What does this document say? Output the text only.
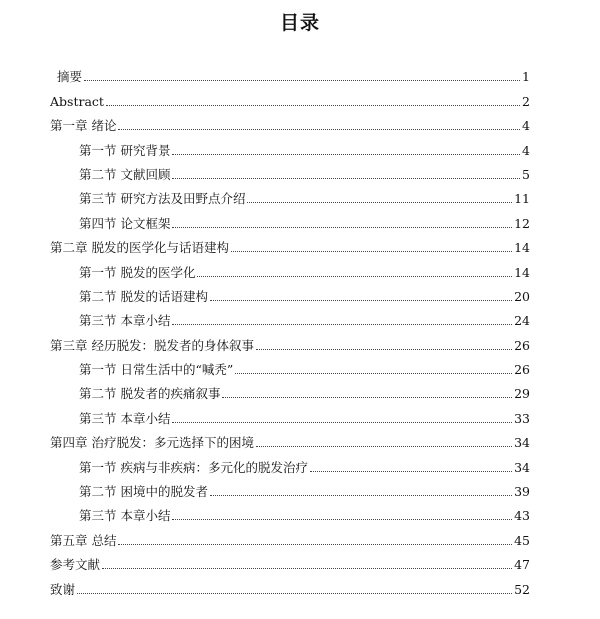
目录
摘要	1
Abstract	2
第一章 绪论	4
第一节 研究背景	4
第二节 文献回顾	5
第三节 研究方法及田野点介绍	11
第四节 论文框架	12
第二章 脱发的医学化与话语建构	14
第一节 脱发的医学化	14
第二节 脱发的话语建构	20
第三节 本章小结	24
第三章 经历脱发：脱发者的身体叙事	26
第一节 日常生活中的“喊秃”	26
第二节 脱发者的疾痛叙事	29
第三节 本章小结	33
第四章 治疗脱发：多元选择下的困境	34
第一节 疾病与非疾病：多元化的脱发治疗	34
第二节 困境中的脱发者	39
第三节 本章小结	43
第五章 总结	45
参考文献	47
致谢	52
